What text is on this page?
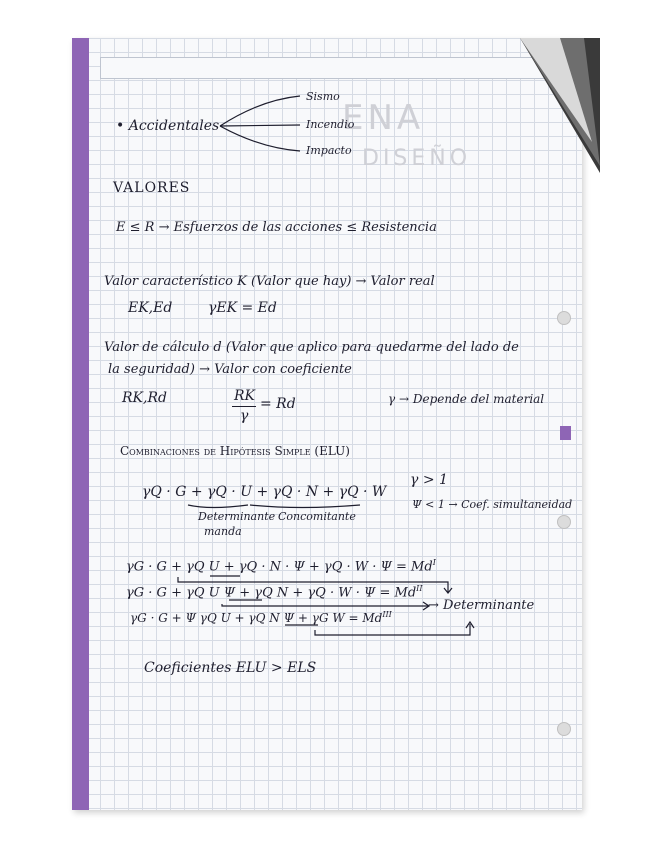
ENA
DISEÑO
• Accidentales
Sismo
Incendio
Impacto
VALORES
E ≤ R → Esfuerzos de las acciones ≤ Resistencia
Valor característico K (Valor que hay) → Valor real
EK,Ed	γEK = Ed
Valor de cálculo d (Valor que aplico para quedarme del lado de
la seguridad) → Valor con coeficiente
RK,Rd	RK
γ
= Rd	γ → Depende del material
Combinaciones de Hipótesis Simple (ELU)
γQ · G + γQ · U + γQ · N + γQ · W
Determinante
manda
Concomitante
γ > 1
Ψ < 1 → Coef. simultaneidad
γG · G + γQ $U + \gamma Q \cdot N \cdot \Psi + \gamma Q \cdot W \cdot \Psi = Md^I$
γG · G + γQ U Ψ + γQ $N + \gamma Q \cdot W \cdot \Psi = Md^{II}$
→ Determinante
γG · G + Ψ γQ U + γQ N Ψ + γG $W = Md^{III}$
Coeficientes ELU > ELS
